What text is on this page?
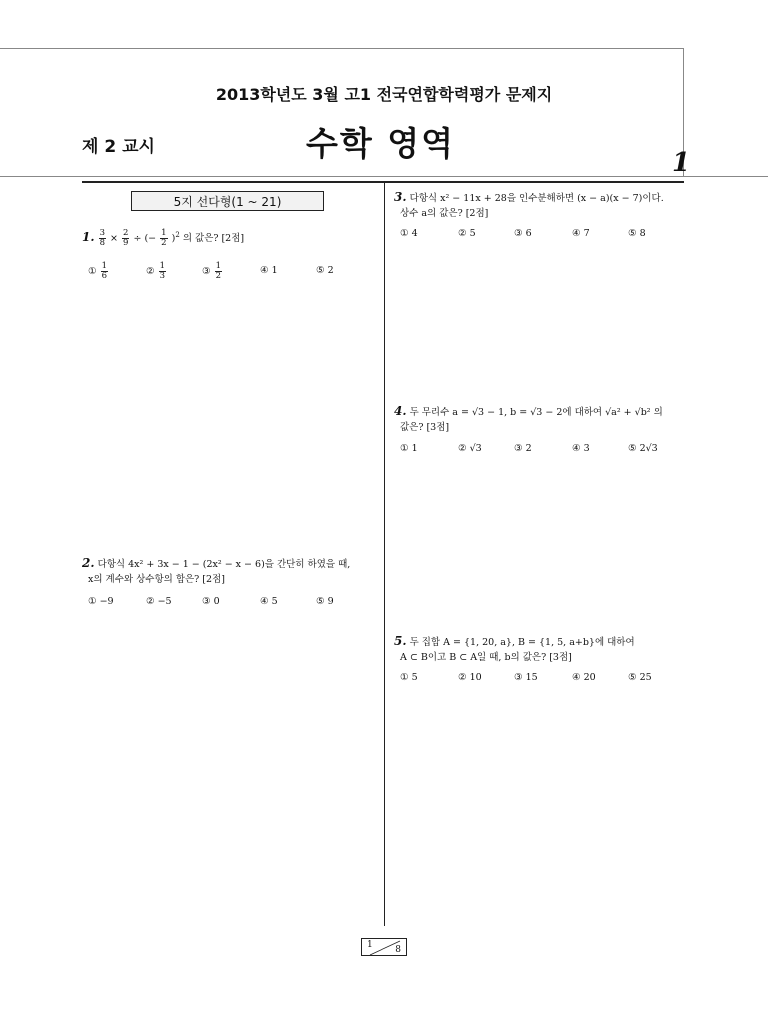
2013학년도 3월 고1 전국연합학력평가 문제지
제 2 교시	수학 영역	1
5지 선다형(1 ~ 21)
1. $\frac{3}{8} \times \frac{2}{9}$ ÷ (− $\frac{1}{2} )^2$ 의 값은? [2점]
① $\frac{1}{6}$	② $\frac{1}{3}$	③ $\frac{1}{2}$	④ 1	⑤ 2
2. 다항식 4x² + 3x − 1 − (2x² − x − 6)을 간단히 하였을 때,
x의 계수와 상수항의 합은? [2점]
① −9	② −5	③ 0	④ 5	⑤ 9
3. 다항식 x² − 11x + 28을 인수분해하면 (x − a)(x − 7)이다.
상수 a의 값은? [2점]
① 4	② 5	③ 6	④ 7	⑤ 8
4. 두 무리수 a = √3 − 1, b = √3 − 2에 대하여 √a² + √b² 의
값은? [3점]
① 1	② √3	③ 2	④ 3	⑤ 2√3
5. 두 집합 A = {1, 20, a}, B = {1, 5, a+b}에 대하여
A ⊂ B이고 B ⊂ A일 때, b의 값은? [3점]
① 5	② 10	③ 15	④ 20	⑤ 25
1	8
